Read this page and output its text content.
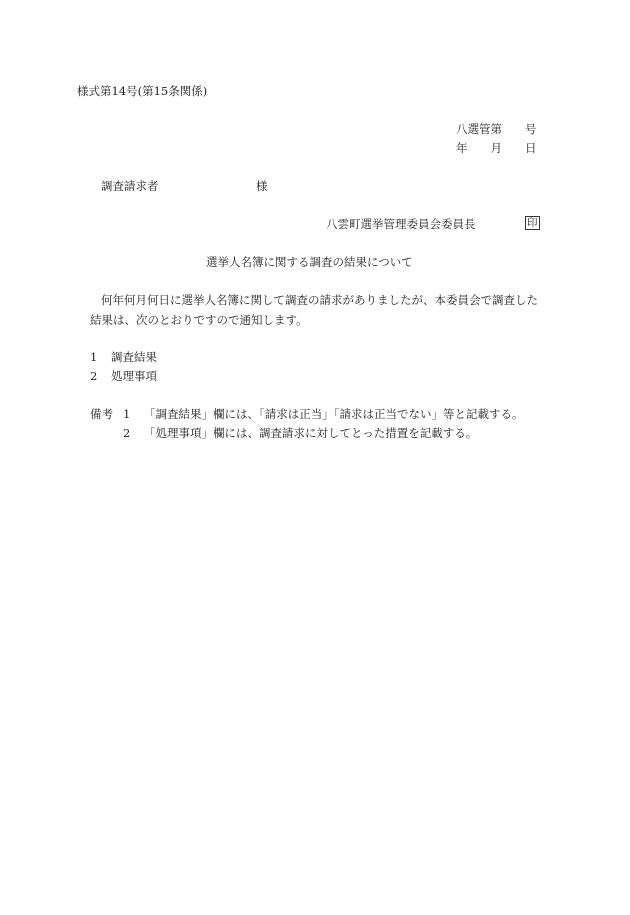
様式第14号(第15条関係)
八選管第　　号
年　　月　　日
調査請求者	様
八雲町選挙管理委員会委員長	印
選挙人名簿に関する調査の結果について
何年何月何日に選挙人名簿に関して調査の請求がありましたが、本委員会で調査した
結果は、次のとおりですので通知します。
1 調査結果
2 処理事項
備考 1 「調査結果」欄には、「請求は正当」「請求は正当でない」等と記載する。
2 「処理事項」欄には、調査請求に対してとった措置を記載する。
